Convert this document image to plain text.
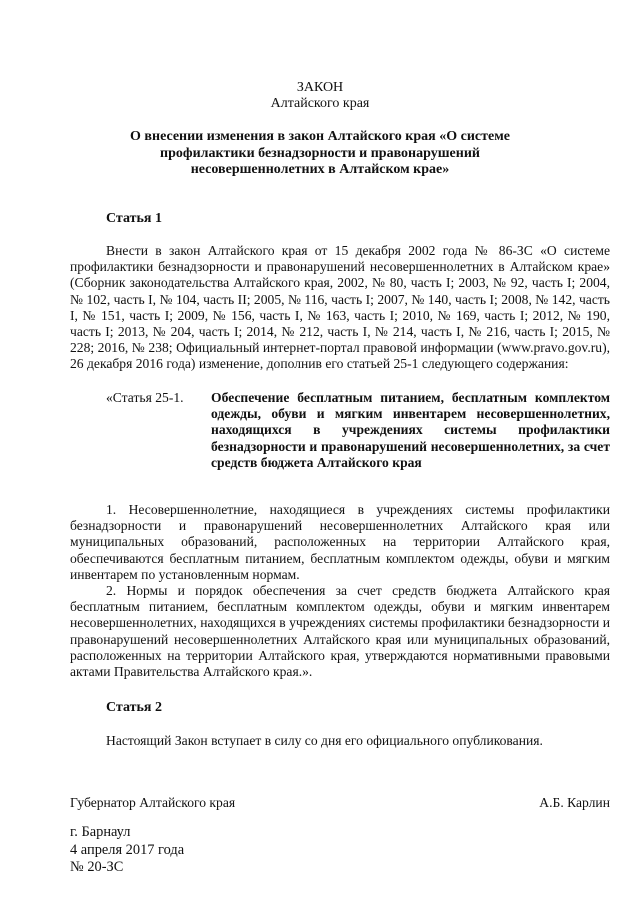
ЗАКОН
Алтайского края
О внесении изменения в закон Алтайского края «О системе профилактики безнадзорности и правонарушений несовершеннолетних в Алтайском крае»
Статья 1
Внести в закон Алтайского края от 15 декабря 2002 года № 86-ЗС «О системе профилактики безнадзорности и правонарушений несовершеннолетних в Алтайском крае» (Сборник законодательства Алтайского края, 2002, № 80, часть I; 2003, № 92, часть I; 2004, № 102, часть I, № 104, часть II; 2005, № 116, часть I; 2007, № 140, часть I; 2008, № 142, часть I, № 151, часть I; 2009, № 156, часть I, № 163, часть I; 2010, № 169, часть I; 2012, № 190, часть I; 2013, № 204, часть I; 2014, № 212, часть I, № 214, часть I, № 216, часть I; 2015, № 228; 2016, № 238; Официальный интернет-портал правовой информации (www.pravo.gov.ru), 26 декабря 2016 года) изменение, дополнив его статьей 25-1 следующего содержания:
«Статья 25-1.	Обеспечение бесплатным питанием, бесплатным комплектом одежды, обуви и мягким инвентарем несовершеннолетних, находящихся в учреждениях системы профилактики безнадзорности и правонарушений несовершеннолетних, за счет средств бюджета Алтайского края
1. Несовершеннолетние, находящиеся в учреждениях системы профилактики безнадзорности и правонарушений несовершеннолетних Алтайского края или муниципальных образований, расположенных на территории Алтайского края, обеспечиваются бесплатным питанием, бесплатным комплектом одежды, обуви и мягким инвентарем по установленным нормам.
2. Нормы и порядок обеспечения за счет средств бюджета Алтайского края бесплатным питанием, бесплатным комплектом одежды, обуви и мягким инвентарем несовершеннолетних, находящихся в учреждениях системы профилактики безнадзорности и правонарушений несовершеннолетних Алтайского края или муниципальных образований, расположенных на территории Алтайского края, утверждаются нормативными правовыми актами Правительства Алтайского края.».
Статья 2
Настоящий Закон вступает в силу со дня его официального опубликования.
Губернатор Алтайского края	А.Б. Карлин
г. Барнаул
4 апреля 2017 года
№ 20-ЗС
